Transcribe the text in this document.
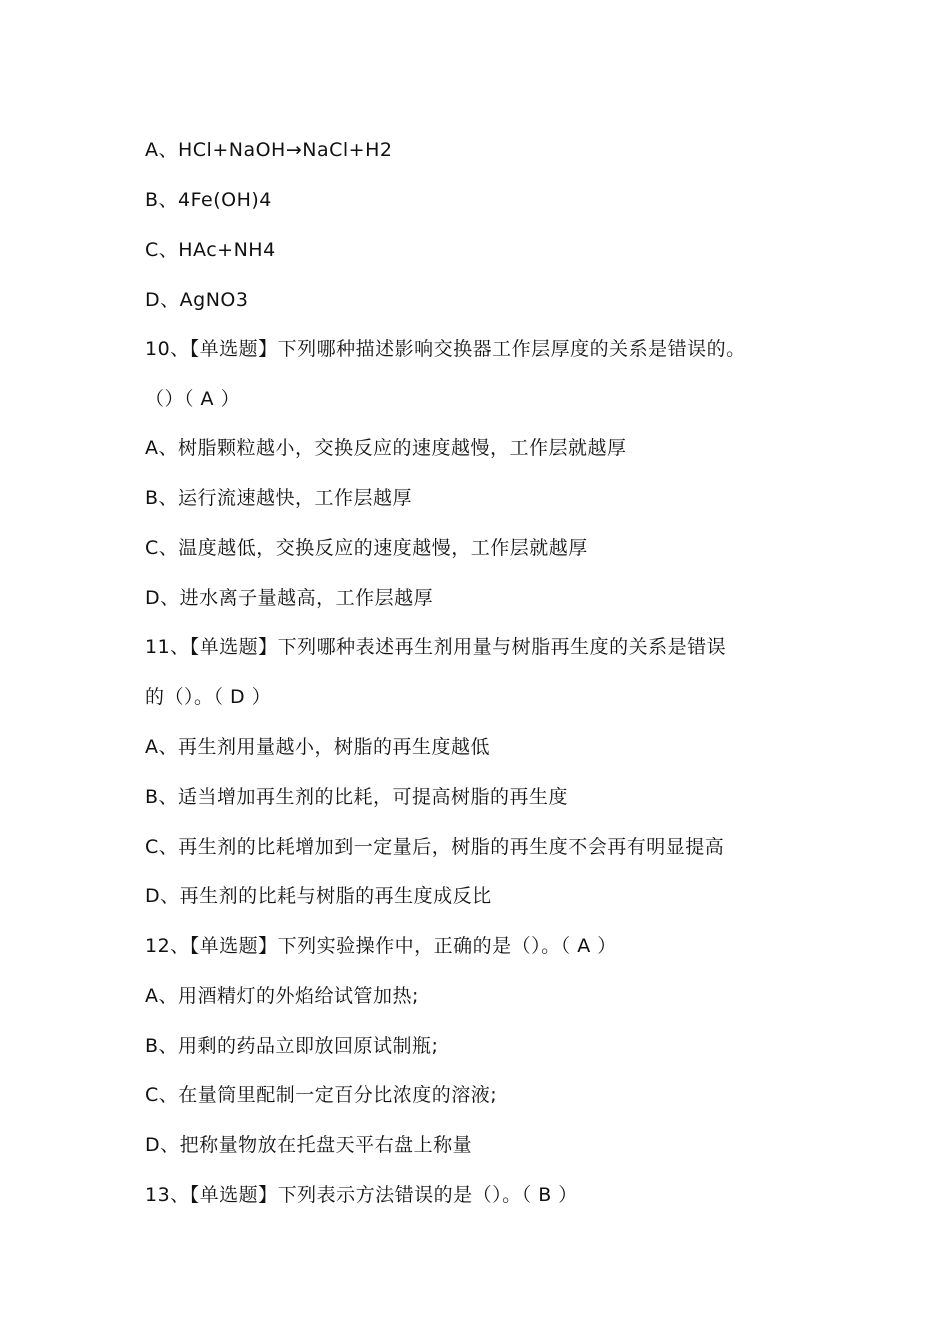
A、HCl+NaOH→NaCl+H2
B、4Fe(OH)4
C、HAc+NH4
D、AgNO3
10、【单选题】下列哪种描述影响交换器工作层厚度的关系是错误的。
（）（ A ）
A、树脂颗粒越小，交换反应的速度越慢，工作层就越厚
B、运行流速越快，工作层越厚
C、温度越低，交换反应的速度越慢，工作层就越厚
D、进水离子量越高，工作层越厚
11、【单选题】下列哪种表述再生剂用量与树脂再生度的关系是错误
的（）。（ D ）
A、再生剂用量越小，树脂的再生度越低
B、适当增加再生剂的比耗，可提高树脂的再生度
C、再生剂的比耗增加到一定量后，树脂的再生度不会再有明显提高
D、再生剂的比耗与树脂的再生度成反比
12、【单选题】下列实验操作中，正确的是（）。（ A ）
A、用酒精灯的外焰给试管加热;
B、用剩的药品立即放回原试制瓶;
C、在量筒里配制一定百分比浓度的溶液;
D、把称量物放在托盘天平右盘上称量
13、【单选题】下列表示方法错误的是（）。（ B ）
